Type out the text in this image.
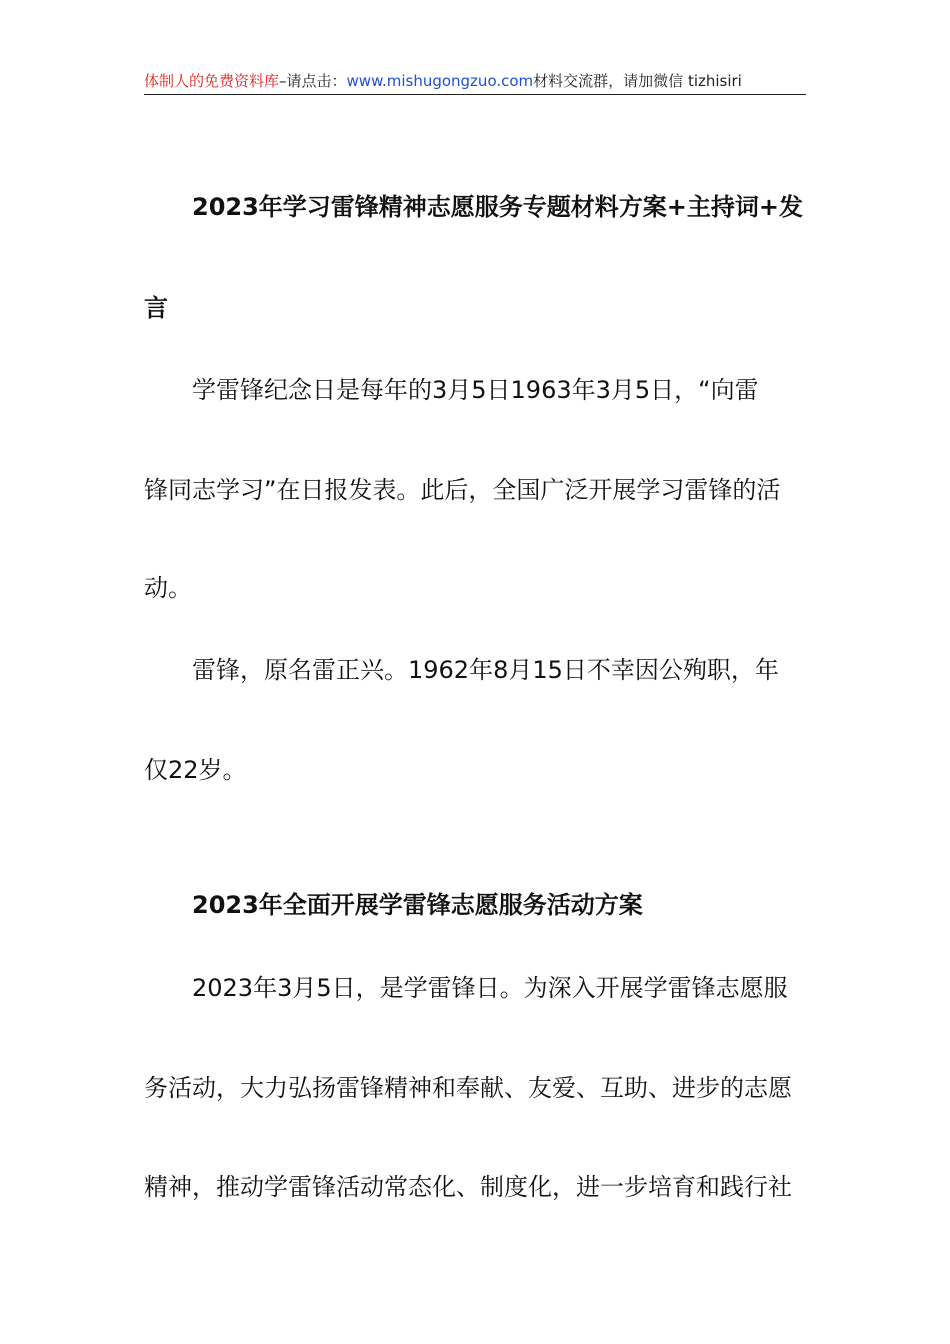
体制人的免费资料库–请点击：www.mishugongzuo.com材料交流群，请加微信 tizhisiri
2023年学习雷锋精神志愿服务专题材料方案+主持词+发
言
学雷锋纪念日是每年的3月5日1963年3月5日，“向雷
锋同志学习”在日报发表。此后，全国广泛开展学习雷锋的活
动。
雷锋，原名雷正兴。1962年8月15日不幸因公殉职，年
仅22岁。
2023年全面开展学雷锋志愿服务活动方案
2023年3月5日，是学雷锋日。为深入开展学雷锋志愿服
务活动，大力弘扬雷锋精神和奉献、友爱、互助、进步的志愿
精神，推动学雷锋活动常态化、制度化，进一步培育和践行社
